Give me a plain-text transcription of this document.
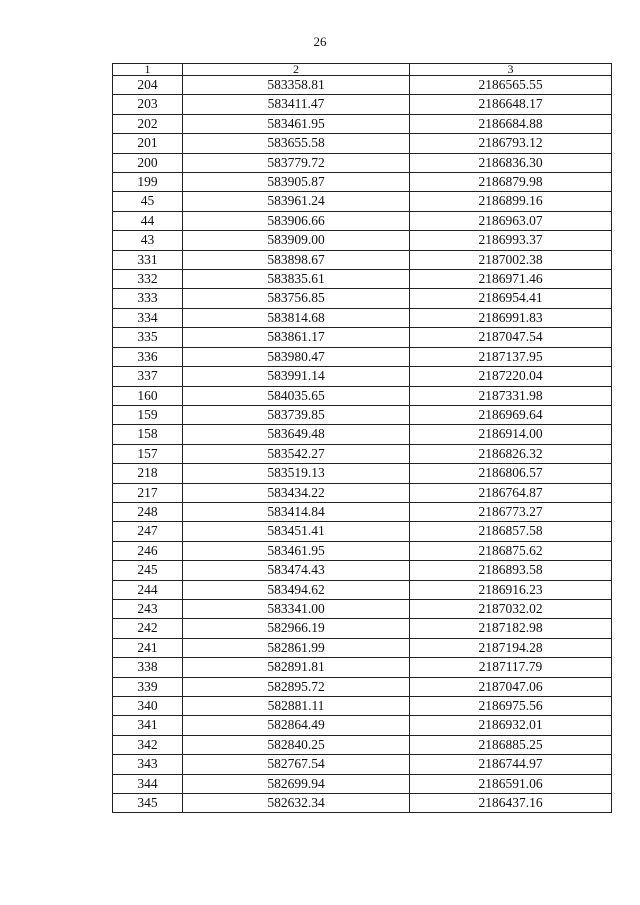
26
1	2	3
204	583358.81	2186565.55
203	583411.47	2186648.17
202	583461.95	2186684.88
201	583655.58	2186793.12
200	583779.72	2186836.30
199	583905.87	2186879.98
45	583961.24	2186899.16
44	583906.66	2186963.07
43	583909.00	2186993.37
331	583898.67	2187002.38
332	583835.61	2186971.46
333	583756.85	2186954.41
334	583814.68	2186991.83
335	583861.17	2187047.54
336	583980.47	2187137.95
337	583991.14	2187220.04
160	584035.65	2187331.98
159	583739.85	2186969.64
158	583649.48	2186914.00
157	583542.27	2186826.32
218	583519.13	2186806.57
217	583434.22	2186764.87
248	583414.84	2186773.27
247	583451.41	2186857.58
246	583461.95	2186875.62
245	583474.43	2186893.58
244	583494.62	2186916.23
243	583341.00	2187032.02
242	582966.19	2187182.98
241	582861.99	2187194.28
338	582891.81	2187117.79
339	582895.72	2187047.06
340	582881.11	2186975.56
341	582864.49	2186932.01
342	582840.25	2186885.25
343	582767.54	2186744.97
344	582699.94	2186591.06
345	582632.34	2186437.16
